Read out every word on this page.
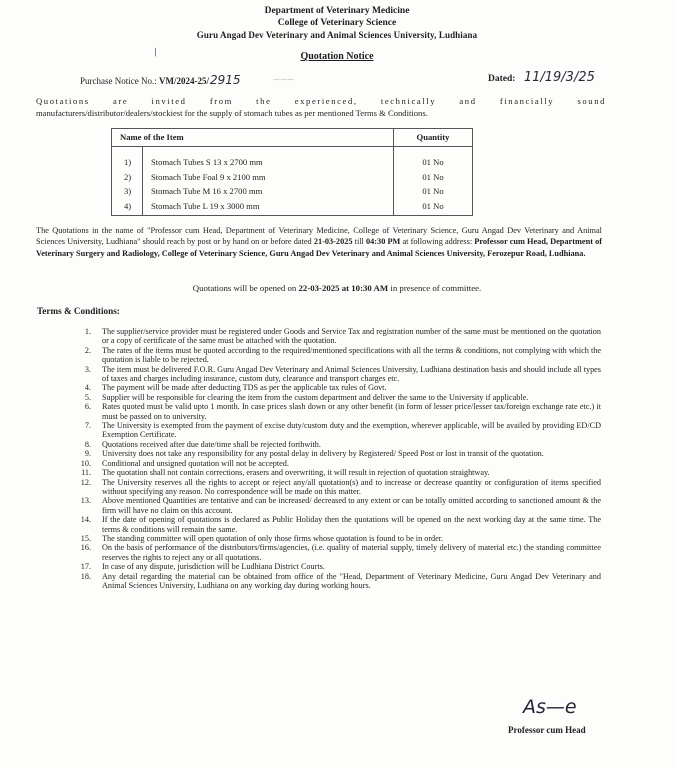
Department of Veterinary Medicine
College of Veterinary Science
Guru Angad Dev Veterinary and Animal Sciences University, Ludhiana
/	Quotation Notice
Purchase Notice No.: VM/2024-25/2915	⁓⁓⁓	Dated: 11/19/3/25
Quotations are invited from the experienced, technically and financially sound
manufacturers/distributor/dealers/stockiest for the supply of stomach tubes as per mentioned Terms & Conditions.
Name of the Item		Quantity
1)	Stomach Tubes S 13 x 2700 mm	01 No
2)	Stomach Tube Foal 9 x 2100 mm	01 No
3)	Stomach Tube M 16 x 2700 mm	01 No
4)	Stomach Tube L 19 x 3000 mm	01 No
The Quotations in the name of "Professor cum Head, Department of Veterinary Medicine, College of Veterinary Science, Guru Angad Dev Veterinary and Animal Sciences University, Ludhiana" should reach by post or by hand on or before dated 21-03-2025 till 04:30 PM at following address: Professor cum Head, Department of Veterinary Surgery and Radiology, College of Veterinary Science, Guru Angad Dev Veterinary and Animal Sciences University, Ferozepur Road, Ludhiana.
Quotations will be opened on 22-03-2025 at 10:30 AM in presence of committee.
Terms & Conditions:
1. The supplier/service provider must be registered under Goods and Service Tax and registration number of the same must be mentioned on the quotation or a copy of certificate of the same must be attached with the quotation.
2. The rates of the items must be quoted according to the required/mentioned specifications with all the terms & conditions, not complying with which the quotation is liable to be rejected.
3. The item must be delivered F.O.R. Guru Angad Dev Veterinary and Animal Sciences University, Ludhiana destination basis and should include all types of taxes and charges including insurance, custom duty, clearance and transport charges etc.
4. The payment will be made after deducting TDS as per the applicable tax rules of Govt.
5. Supplier will be responsible for clearing the item from the custom department and deliver the same to the University if applicable.
6. Rates quoted must be valid upto 1 month. In case prices slash down or any other benefit (in form of lesser price/lesser tax/foreign exchange rate etc.) it must be passed on to university.
7. The University is exempted from the payment of excise duty/custom duty and the exemption, wherever applicable, will be availed by providing ED/CD Exemption Certificate.
8. Quotations received after due date/time shall be rejected forthwith.
9. University does not take any responsibility for any postal delay in delivery by Registered/ Speed Post or lost in transit of the quotation.
10. Conditional and unsigned quotation will not be accepted.
11. The quotation shall not contain corrections, erasers and overwriting, it will result in rejection of quotation straightway.
12. The University reserves all the rights to accept or reject any/all quotation(s) and to increase or decrease quantity or configuration of items specified without specifying any reason. No correspondence will be made on this matter.
13. Above mentioned Quantities are tentative and can be increased/ decreased to any extent or can be totally omitted according to sanctioned amount & the firm will have no claim on this account.
14. If the date of opening of quotations is declared as Public Holiday then the quotations will be opened on the next working day at the same time. The terms & conditions will remain the same.
15. The standing committee will open quotation of only those firms whose quotation is found to be in order.
16. On the basis of performance of the distributors/firms/agencies, (i.e. quality of material supply, timely delivery of material etc.) the standing committee reserves the rights to reject any or all quotations.
17. In case of any dispute, jurisdiction will be Ludhiana District Courts.
18. Any detail regarding the material can be obtained from office of the "Head, Department of Veterinary Medicine, Guru Angad Dev Veterinary and Animal Sciences University, Ludhiana on any working day during working hours.
As—e
Professor cum Head
